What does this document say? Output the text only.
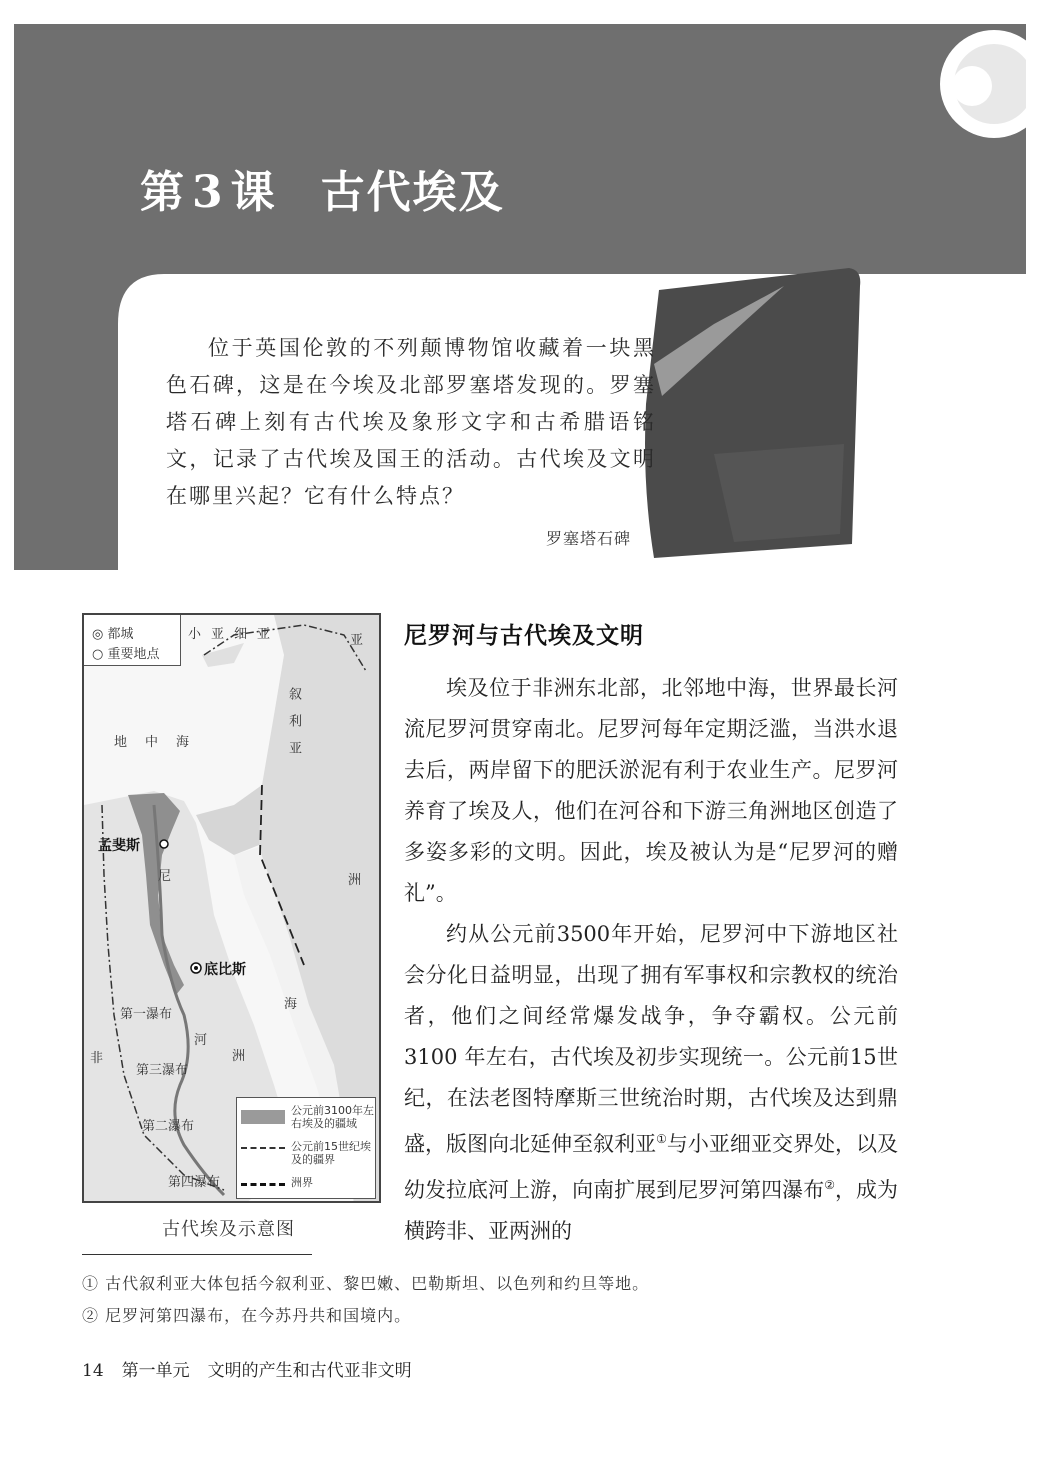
第 3 课 古代埃及
位于英国伦敦的不列颠博物馆收藏着一块黑色石碑，这是在今埃及北部罗塞塔发现的。罗塞塔石碑上刻有古代埃及象形文字和古希腊语铭文，记录了古代埃及国王的活动。古代埃及文明在哪里兴起？它有什么特点？
罗塞塔石碑
◎ 都城
○ 重要地点
小亚细亚	亚
地中海	叙利亚
孟斐斯
底比斯
尼
河
第一瀑布
第三瀑布
第二瀑布
第四瀑布
海
洲
非	洲
公元前3100年左右埃及的疆域
公元前15世纪埃及的疆界
洲界
古代埃及示意图
尼罗河与古代埃及文明

埃及位于非洲东北部，北邻地中海，世界最长河流尼罗河贯穿南北。尼罗河每年定期泛滥，当洪水退去后，两岸留下的肥沃淤泥有利于农业生产。尼罗河养育了埃及人，他们在河谷和下游三角洲地区创造了多姿多彩的文明。因此，埃及被认为是“尼罗河的赠礼”。

约从公元前3500年开始，尼罗河中下游地区社会分化日益明显，出现了拥有军事权和宗教权的统治者，他们之间经常爆发战争，争夺霸权。公元前 3100 年左右，古代埃及初步实现统一。公元前15世纪，在法老图特摩斯三世统治时期，古代埃及达到鼎盛，版图向北延伸至叙利亚①与小亚细亚交界处，以及幼发拉底河上游，向南扩展到尼罗河第四瀑布②，成为横跨非、亚两洲的

① 古代叙利亚大体包括今叙利亚、黎巴嫩、巴勒斯坦、以色列和约旦等地。
② 尼罗河第四瀑布，在今苏丹共和国境内。
14 第一单元 文明的产生和古代亚非文明
